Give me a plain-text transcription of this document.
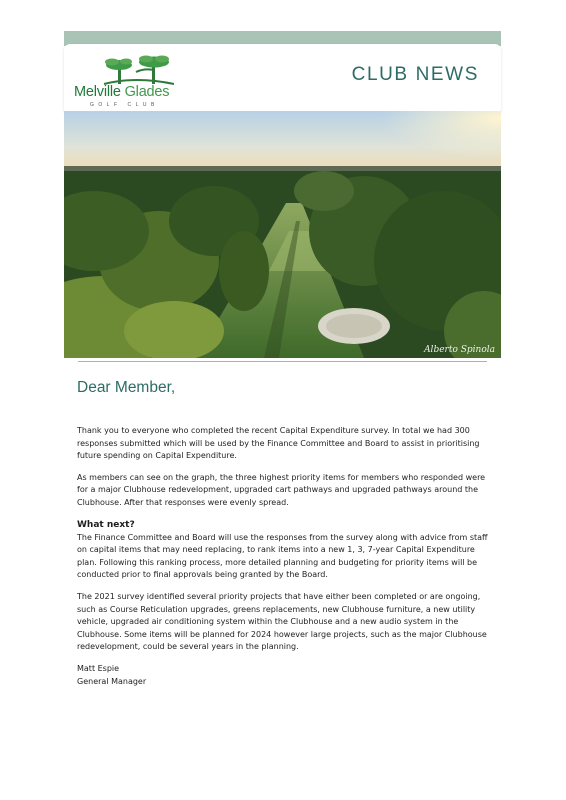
Melville Glades
GOLF CLUB
CLUB NEWS
Alberto Spinola
Dear Member,

Thank you to everyone who completed the recent Capital Expenditure survey. In total we had 300 responses submitted which will be used by the Finance Committee and Board to assist in prioritising future spending on Capital Expenditure.

As members can see on the graph, the three highest priority items for members who responded were for a major Clubhouse redevelopment, upgraded cart pathways and upgraded pathways around the Clubhouse. After that responses were evenly spread.

What next?

The Finance Committee and Board will use the responses from the survey along with advice from staff on capital items that may need replacing, to rank items into a new 1, 3, 7-year Capital Expenditure plan. Following this ranking process, more detailed planning and budgeting for priority items will be conducted prior to final approvals being granted by the Board.

The 2021 survey identified several priority projects that have either been completed or are ongoing, such as Course Reticulation upgrades, greens replacements, new Clubhouse furniture, a new utility vehicle, upgraded air conditioning system within the Clubhouse and a new audio system in the Clubhouse. Some items will be planned for 2024 however large projects, such as the major Clubhouse redevelopment, could be several years in the planning.

Matt Espie

General Manager
